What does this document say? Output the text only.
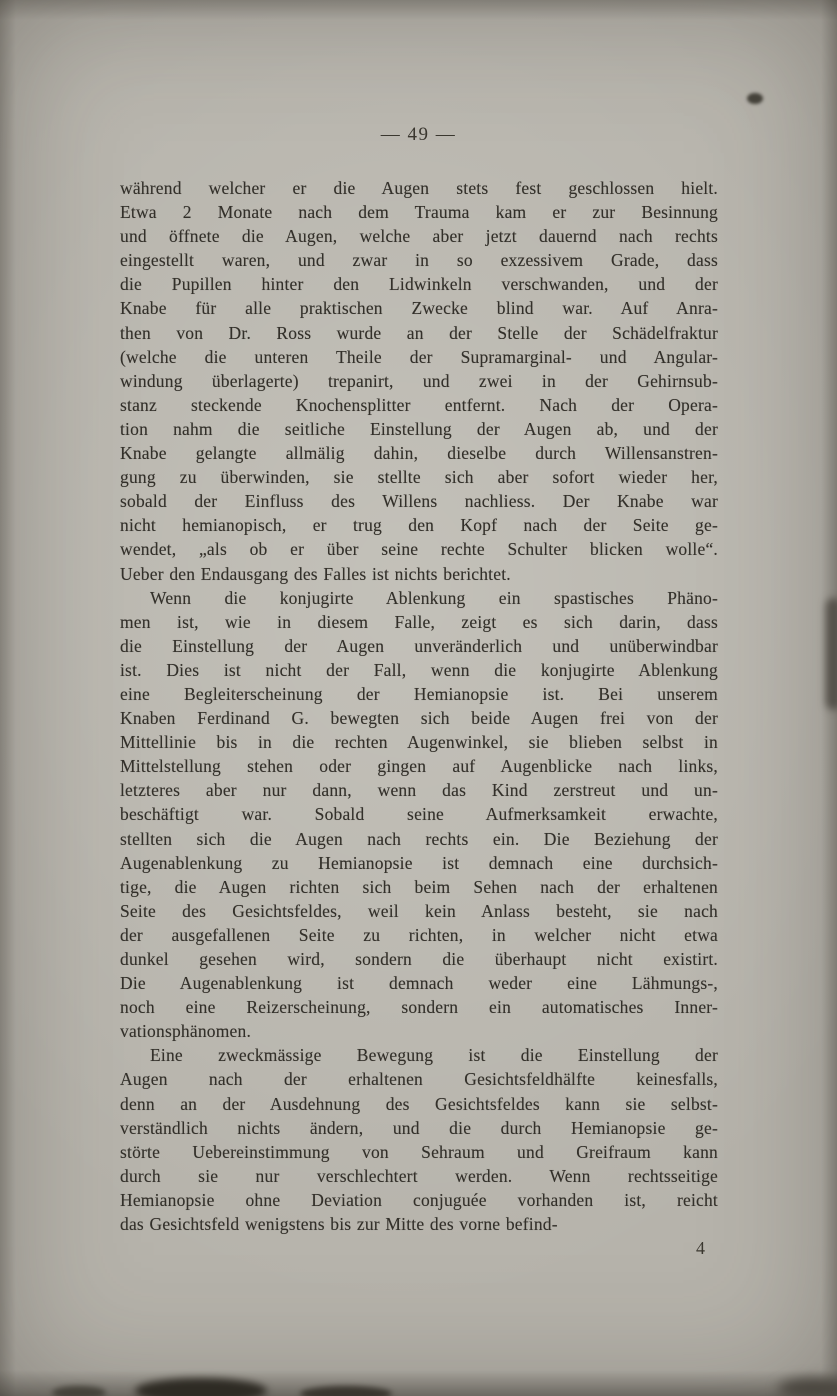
— 49 —
während welcher er die Augen stets fest geschlossen hielt.
Etwa 2 Monate nach dem Trauma kam er zur Besinnung
und öffnete die Augen, welche aber jetzt dauernd nach rechts
eingestellt waren, und zwar in so exzessivem Grade, dass
die Pupillen hinter den Lidwinkeln verschwanden, und der
Knabe für alle praktischen Zwecke blind war. Auf Anra-
then von Dr. Ross wurde an der Stelle der Schädelfraktur
(welche die unteren Theile der Supramarginal- und Angular-
windung überlagerte) trepanirt, und zwei in der Gehirnsub-
stanz steckende Knochensplitter entfernt. Nach der Opera-
tion nahm die seitliche Einstellung der Augen ab, und der
Knabe gelangte allmälig dahin, dieselbe durch Willensanstren-
gung zu überwinden, sie stellte sich aber sofort wieder her,
sobald der Einfluss des Willens nachliess. Der Knabe war
nicht hemianopisch, er trug den Kopf nach der Seite ge-
wendet, „als ob er über seine rechte Schulter blicken wolle“.
Ueber den Endausgang des Falles ist nichts berichtet.
Wenn die konjugirte Ablenkung ein spastisches Phäno-
men ist, wie in diesem Falle, zeigt es sich darin, dass
die Einstellung der Augen unveränderlich und unüberwindbar
ist. Dies ist nicht der Fall, wenn die konjugirte Ablenkung
eine Begleiterscheinung der Hemianopsie ist. Bei unserem
Knaben Ferdinand G. bewegten sich beide Augen frei von der
Mittellinie bis in die rechten Augenwinkel, sie blieben selbst in
Mittelstellung stehen oder gingen auf Augenblicke nach links,
letzteres aber nur dann, wenn das Kind zerstreut und un-
beschäftigt war. Sobald seine Aufmerksamkeit erwachte,
stellten sich die Augen nach rechts ein. Die Beziehung der
Augenablenkung zu Hemianopsie ist demnach eine durchsich-
tige, die Augen richten sich beim Sehen nach der erhaltenen
Seite des Gesichtsfeldes, weil kein Anlass besteht, sie nach
der ausgefallenen Seite zu richten, in welcher nicht etwa
dunkel gesehen wird, sondern die überhaupt nicht existirt.
Die Augenablenkung ist demnach weder eine Lähmungs-,
noch eine Reizerscheinung, sondern ein automatisches Inner-
vationsphänomen.
Eine zweckmässige Bewegung ist die Einstellung der
Augen nach der erhaltenen Gesichtsfeldhälfte keinesfalls,
denn an der Ausdehnung des Gesichtsfeldes kann sie selbst-
verständlich nichts ändern, und die durch Hemianopsie ge-
störte Uebereinstimmung von Sehraum und Greifraum kann
durch sie nur verschlechtert werden. Wenn rechtsseitige
Hemianopsie ohne Deviation conjuguée vorhanden ist, reicht
das Gesichtsfeld wenigstens bis zur Mitte des vorne befind-
4
